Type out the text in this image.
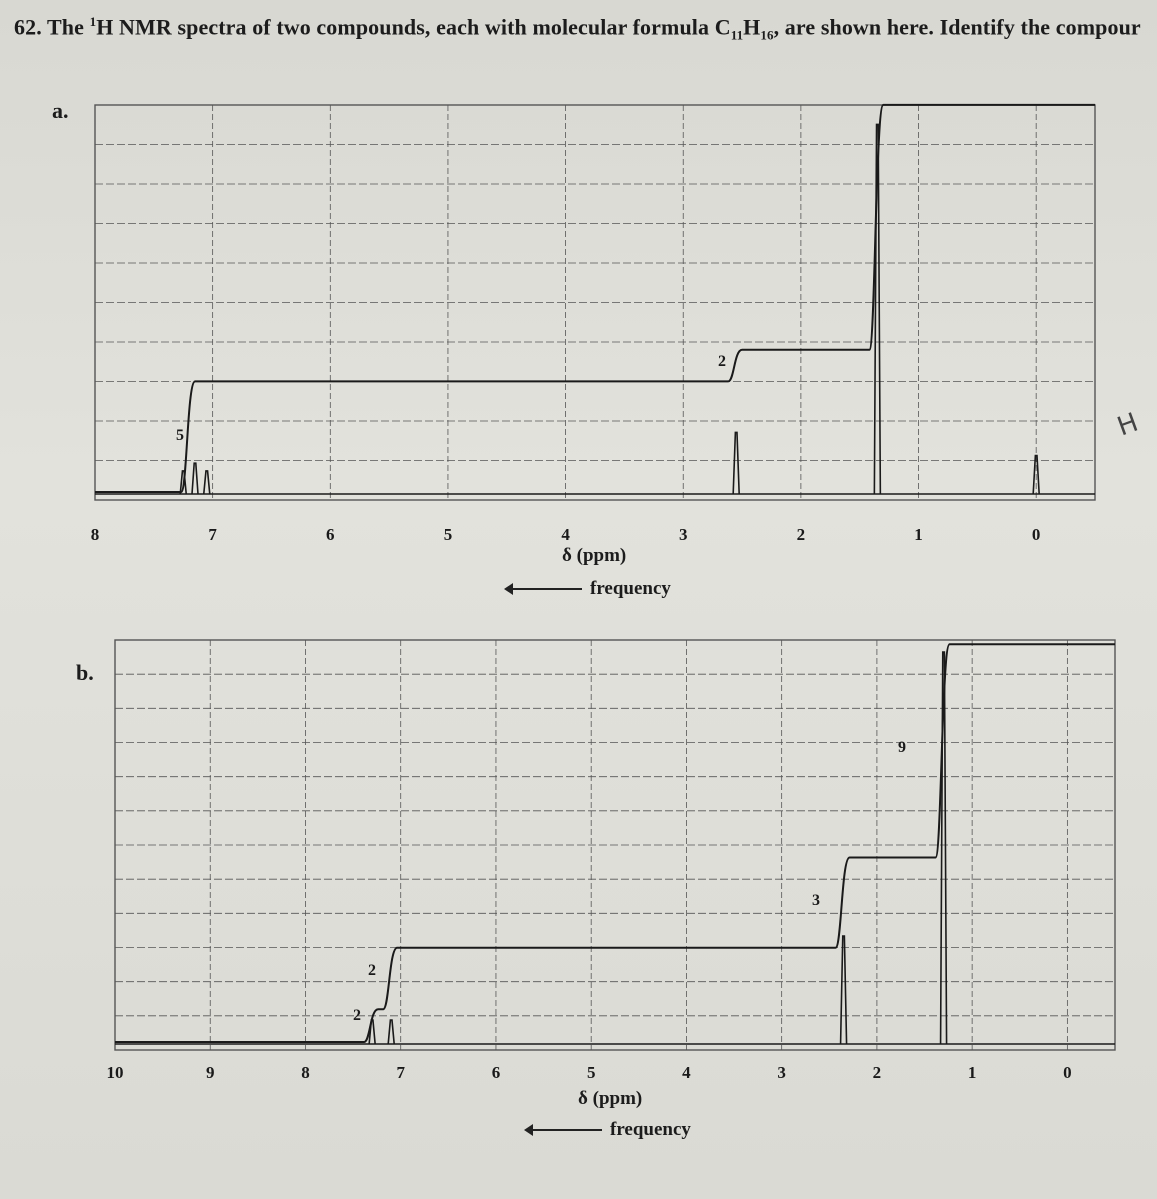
62. The $^1$H NMR spectra of two compounds, each with molecular formula $C_{11}H_{16}$, are shown here. Identify the compour
a.
b.
8	7	6	5	4	3	2	1	0
5
2
10	9	8	7	6	5	4	3	2	1	0
2
2
3
9
δ (ppm)
frequency
δ (ppm)
frequency
H
